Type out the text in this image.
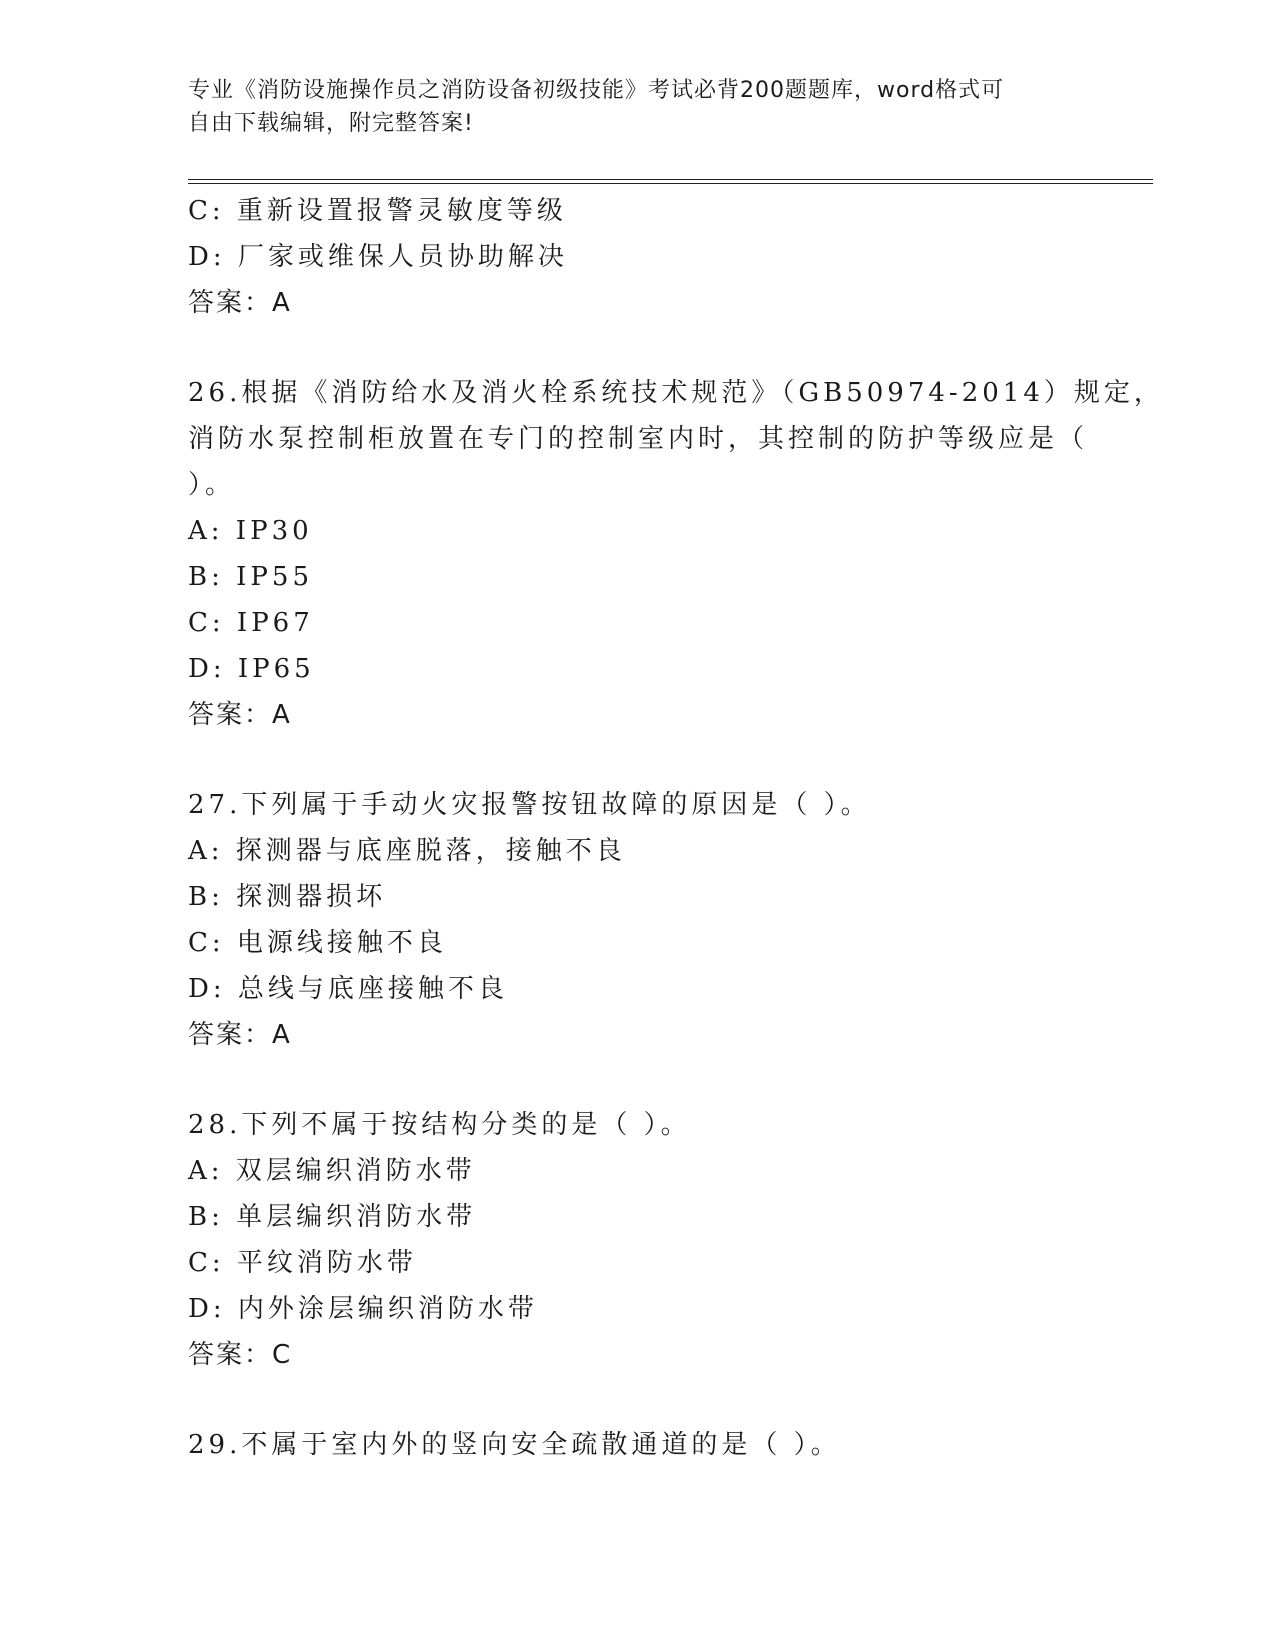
专业《消防设施操作员之消防设备初级技能》考试必背200题题库，word格式可
自由下载编辑，附完整答案!
C: 重新设置报警灵敏度等级
D: 厂家或维保人员协助解决
答案：A
26.根据《消防给水及消火栓系统技术规范》（GB50974-2014）规定，
消防水泵控制柜放置在专门的控制室内时，其控制的防护等级应是（
）。
A: IP30
B: IP55
C: IP67
D: IP65
答案：A
27.下列属于手动火灾报警按钮故障的原因是（ ）。
A: 探测器与底座脱落，接触不良
B: 探测器损坏
C: 电源线接触不良
D: 总线与底座接触不良
答案：A
28.下列不属于按结构分类的是（ ）。
A: 双层编织消防水带
B: 单层编织消防水带
C: 平纹消防水带
D: 内外涂层编织消防水带
答案：C
29.不属于室内外的竖向安全疏散通道的是（ ）。
